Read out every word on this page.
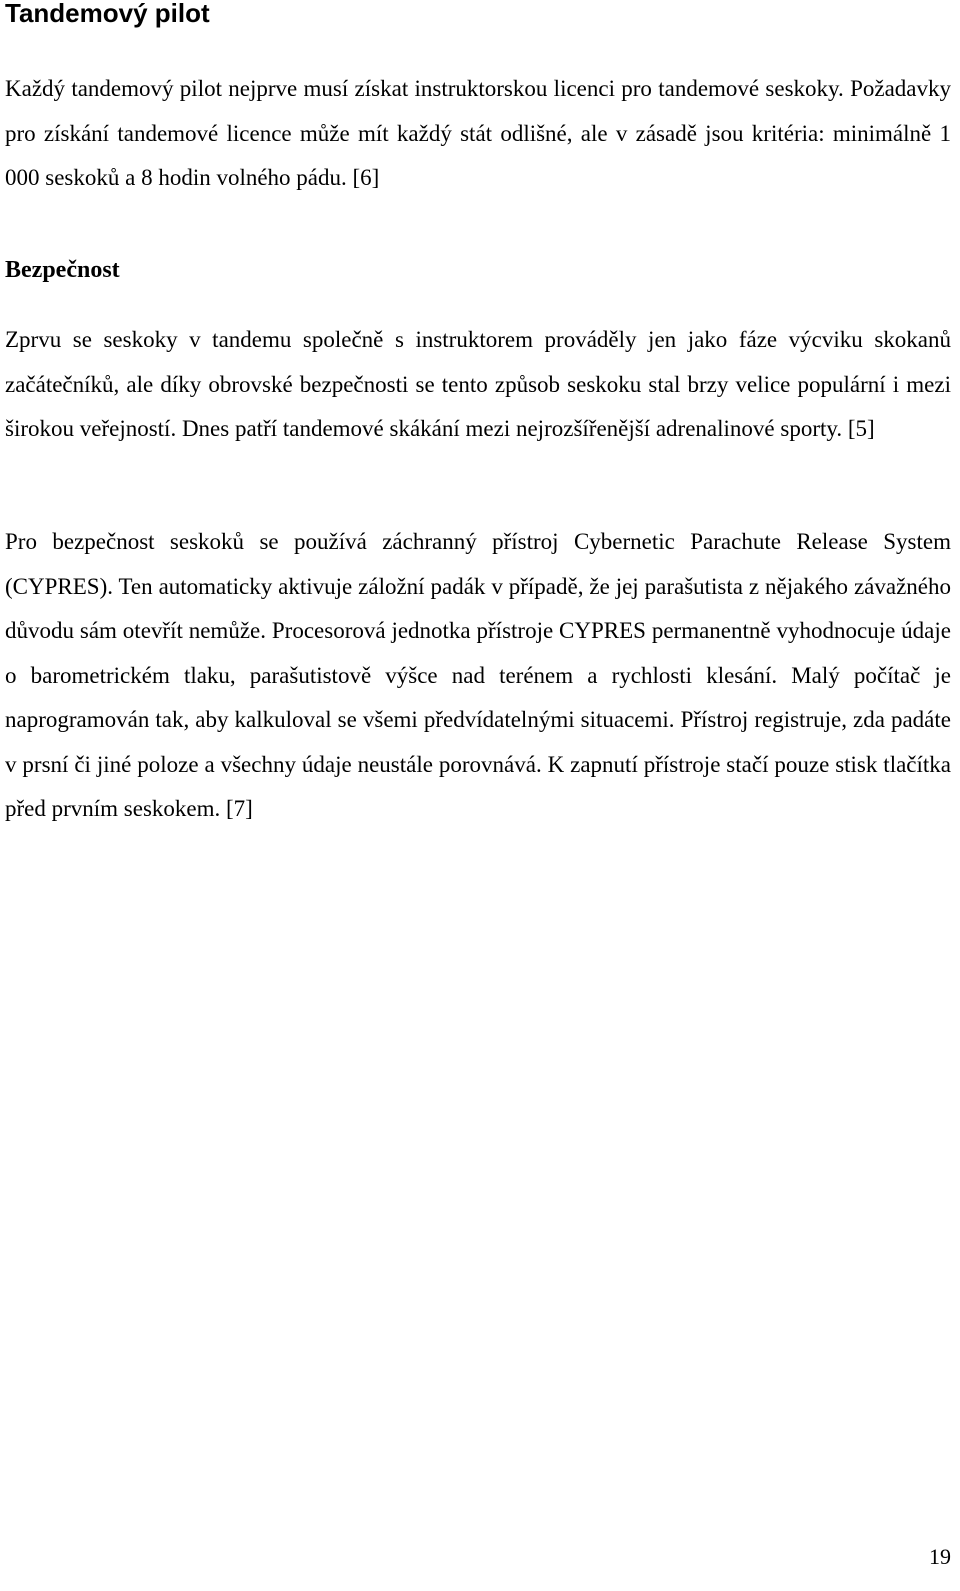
Tandemový pilot

Každý tandemový pilot nejprve musí získat instruktorskou licenci pro tandemové seskoky. Požadavky pro získání tandemové licence může mít každý stát odlišné, ale v zásadě jsou kritéria: minimálně 1 000 seskoků a 8 hodin volného pádu. [6]

Bezpečnost

Zprvu se seskoky v tandemu společně s instruktorem prováděly jen jako fáze výcviku skokanů začátečníků, ale díky obrovské bezpečnosti se tento způsob seskoku stal brzy velice populární i mezi širokou veřejností. Dnes patří tandemové skákání mezi nejrozšířenější adrenalinové sporty. [5]

Pro bezpečnost seskoků se používá záchranný přístroj Cybernetic Parachute Release System (CYPRES). Ten automaticky aktivuje záložní padák v případě, že jej parašutista z nějakého závažného důvodu sám otevřít nemůže. Procesorová jednotka přístroje CYPRES permanentně vyhodnocuje údaje o barometrickém tlaku, parašutistově výšce nad terénem a rychlosti klesání. Malý počítač je naprogramován tak, aby kalkuloval se všemi předvídatelnými situacemi. Přístroj registruje, zda padáte v prsní či jiné poloze a všechny údaje neustále porovnává. K zapnutí přístroje stačí pouze stisk tlačítka před prvním seskokem. [7]

19
